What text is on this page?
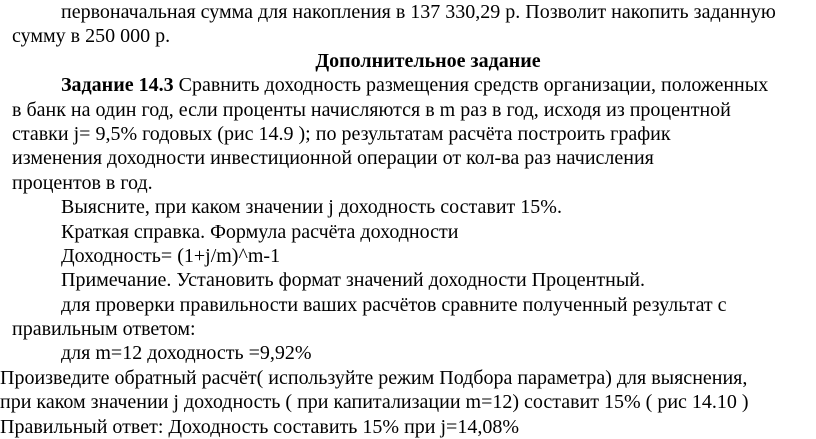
первоначальная сумма для накопления в 137 330,29 р. Позволит накопить заданную
сумму в 250 000 р.
Дополнительное задание
Задание 14.3 Сравнить доходность размещения средств организации, положенных
в банк на один год, если проценты начисляются в m раз в год, исходя из процентной
ставки j= 9,5% годовых (рис 14.9 ); по результатам расчёта построить график
изменения доходности инвестиционной операции от кол-ва раз начисления
процентов в год.
Выясните, при каком значении j доходность составит 15%.
Краткая справка. Формула расчёта доходности
Доходность= (1+j/m)^m-1
Примечание. Установить формат значений доходности Процентный.
для проверки правильности ваших расчётов сравните полученный результат с
правильным ответом:
для m=12 доходность =9,92%
Произведите обратный расчёт( используйте режим Подбора параметра) для выяснения,
при каком значении j доходность ( при капитализации m=12) составит 15% ( рис 14.10 )
Правильный ответ: Доходность составить 15% при j=14,08%
